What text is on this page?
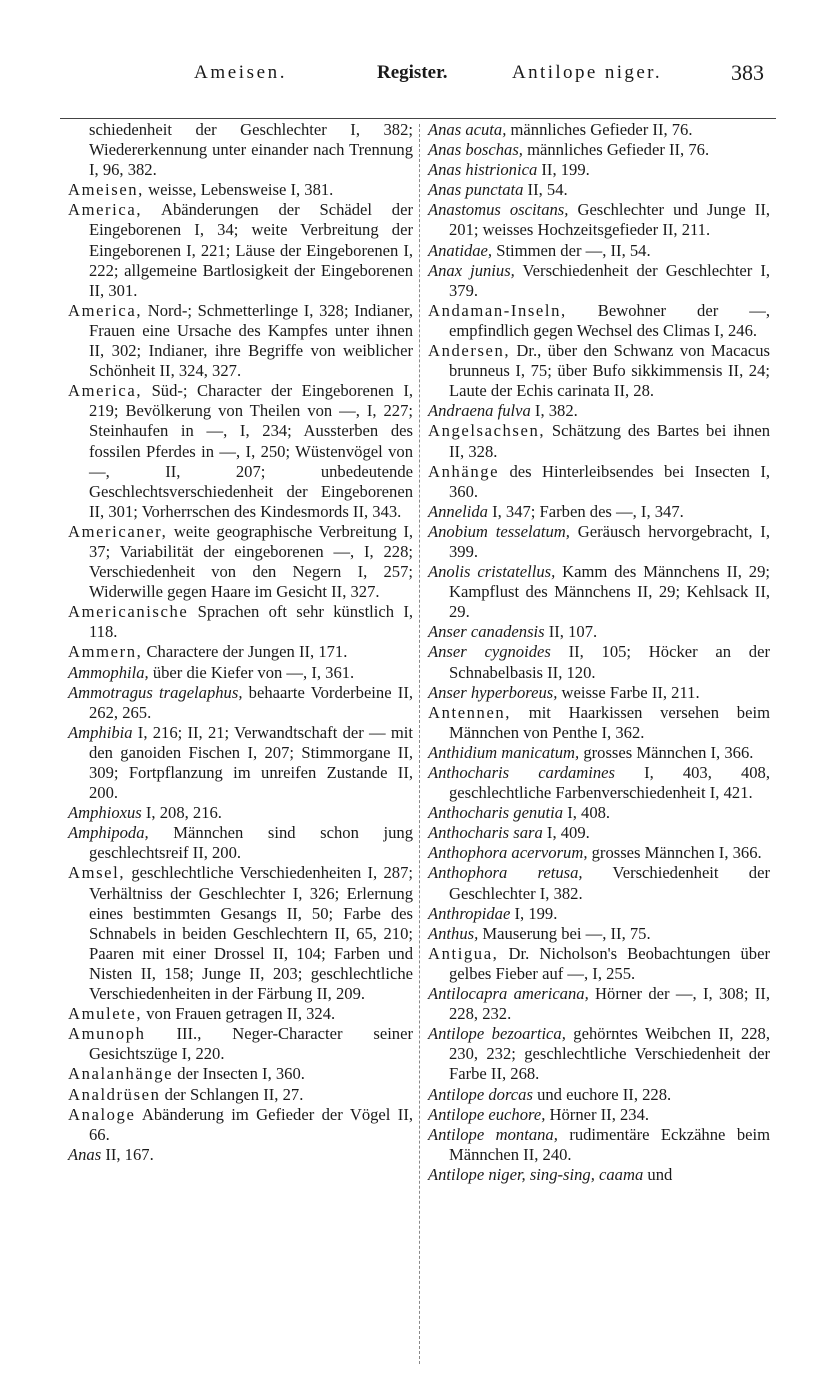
Ameisen.	Register.	Antilope niger.	383

schiedenheit der Geschlechter I, 382; Wiedererkennung unter einander nach Trennung I, 96, 382.

Ameisen, weisse, Lebensweise I, 381.

America, Abänderungen der Schädel der Eingeborenen I, 34; weite Verbreitung der Eingeborenen I, 221; Läuse der Eingeborenen I, 222; allgemeine Bartlosigkeit der Eingeborenen II, 301.

America, Nord-; Schmetterlinge I, 328; Indianer, Frauen eine Ursache des Kampfes unter ihnen II, 302; Indianer, ihre Begriffe von weiblicher Schönheit II, 324, 327.

America, Süd-; Character der Eingeborenen I, 219; Bevölkerung von Theilen von —, I, 227; Steinhaufen in —, I, 234; Aussterben des fossilen Pferdes in —, I, 250; Wüstenvögel von —, II, 207; unbedeutende Geschlechtsverschiedenheit der Eingeborenen II, 301; Vorherrschen des Kindesmords II, 343.

Americaner, weite geographische Verbreitung I, 37; Variabilität der eingeborenen —, I, 228; Verschiedenheit von den Negern I, 257; Widerwille gegen Haare im Gesicht II, 327.

Americanische Sprachen oft sehr künstlich I, 118.

Ammern, Charactere der Jungen II, 171.

Ammophila, über die Kiefer von —, I, 361.

Ammotragus tragelaphus, behaarte Vorderbeine II, 262, 265.

Amphibia I, 216; II, 21; Verwandtschaft der — mit den ganoiden Fischen I, 207; Stimmorgane II, 309; Fortpflanzung im unreifen Zustande II, 200.

Amphioxus I, 208, 216.

Amphipoda, Männchen sind schon jung geschlechtsreif II, 200.

Amsel, geschlechtliche Verschiedenheiten I, 287; Verhältniss der Geschlechter I, 326; Erlernung eines bestimmten Gesangs II, 50; Farbe des Schnabels in beiden Geschlechtern II, 65, 210; Paaren mit einer Drossel II, 104; Farben und Nisten II, 158; Junge II, 203; geschlechtliche Verschiedenheiten in der Färbung II, 209.

Amulete, von Frauen getragen II, 324.

Amunoph III., Neger-Character seiner Gesichtszüge I, 220.

Analanhänge der Insecten I, 360.

Analdrüsen der Schlangen II, 27.

Analoge Abänderung im Gefieder der Vögel II, 66.

Anas II, 167.

Anas acuta, männliches Gefieder II, 76.

Anas boschas, männliches Gefieder II, 76.

Anas histrionica II, 199.

Anas punctata II, 54.

Anastomus oscitans, Geschlechter und Junge II, 201; weisses Hochzeitsgefieder II, 211.

Anatidae, Stimmen der —, II, 54.

Anax junius, Verschiedenheit der Geschlechter I, 379.

Andaman-Inseln, Bewohner der —, empfindlich gegen Wechsel des Climas I, 246.

Andersen, Dr., über den Schwanz von Macacus brunneus I, 75; über Bufo sikkimmensis II, 24; Laute der Echis carinata II, 28.

Andraena fulva I, 382.

Angelsachsen, Schätzung des Bartes bei ihnen II, 328.

Anhänge des Hinterleibsendes bei Insecten I, 360.

Annelida I, 347; Farben des —, I, 347.

Anobium tesselatum, Geräusch hervorgebracht, I, 399.

Anolis cristatellus, Kamm des Männchens II, 29; Kampflust des Männchens II, 29; Kehlsack II, 29.

Anser canadensis II, 107.

Anser cygnoides II, 105; Höcker an der Schnabelbasis II, 120.

Anser hyperboreus, weisse Farbe II, 211.

Antennen, mit Haarkissen versehen beim Männchen von Penthe I, 362.

Anthidium manicatum, grosses Männchen I, 366.

Anthocharis cardamines I, 403, 408, geschlechtliche Farbenverschiedenheit I, 421.

Anthocharis genutia I, 408.

Anthocharis sara I, 409.

Anthophora acervorum, grosses Männchen I, 366.

Anthophora retusa, Verschiedenheit der Geschlechter I, 382.

Anthropidae I, 199.

Anthus, Mauserung bei —, II, 75.

Antigua, Dr. Nicholson's Beobachtungen über gelbes Fieber auf —, I, 255.

Antilocapra americana, Hörner der —, I, 308; II, 228, 232.

Antilope bezoartica, gehörntes Weibchen II, 228, 230, 232; geschlechtliche Verschiedenheit der Farbe II, 268.

Antilope dorcas und euchore II, 228.

Antilope euchore, Hörner II, 234.

Antilope montana, rudimentäre Eckzähne beim Männchen II, 240.

Antilope niger, sing-sing, caama und
